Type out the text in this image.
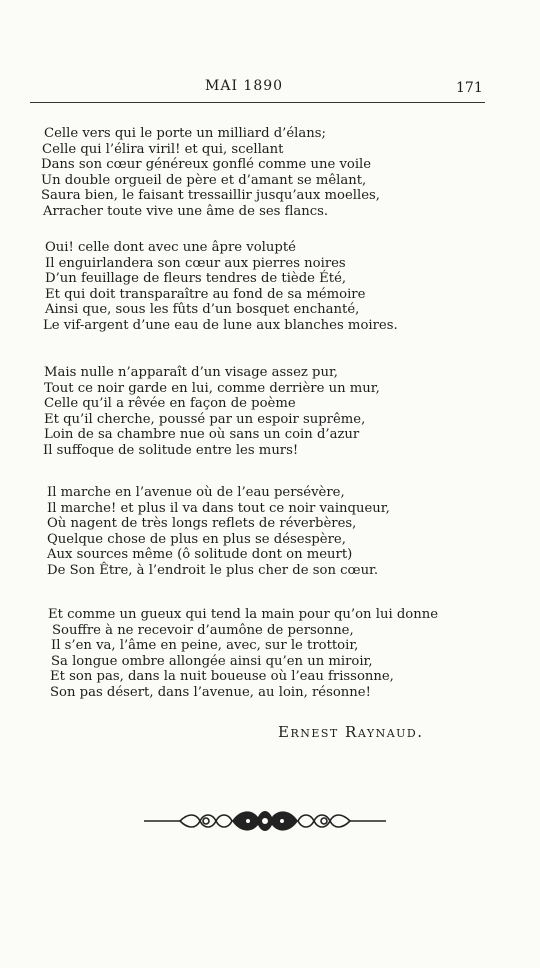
MAI 1890	171
Celle vers qui le porte un milliard d’élans;
Celle qui l’élira viril! et qui, scellant
Dans son cœur généreux gonflé comme une voile
Un double orgueil de père et d’amant se mêlant,
Saura bien, le faisant tressaillir jusqu’aux moelles,
Arracher toute vive une âme de ses flancs.
Oui! celle dont avec une âpre volupté
Il enguirlandera son cœur aux pierres noires
D’un feuillage de fleurs tendres de tiède Été,
Et qui doit transparaître au fond de sa mémoire
Ainsi que, sous les fûts d’un bosquet enchanté,
Le vif-argent d’une eau de lune aux blanches moires.
Mais nulle n’apparaît d’un visage assez pur,
Tout ce noir garde en lui, comme derrière un mur,
Celle qu’il a rêvée en façon de poème
Et qu’il cherche, poussé par un espoir suprême,
Loin de sa chambre nue où sans un coin d’azur
Il suffoque de solitude entre les murs!
Il marche en l’avenue où de l’eau persévère,
Il marche! et plus il va dans tout ce noir vainqueur,
Où nagent de très longs reflets de réverbères,
Quelque chose de plus en plus se désespère,
Aux sources même (ô solitude dont on meurt)
De Son Être, à l’endroit le plus cher de son cœur.
Et comme un gueux qui tend la main pour qu’on lui donne
Souffre à ne recevoir d’aumône de personne,
Il s’en va, l’âme en peine, avec, sur le trottoir,
Sa longue ombre allongée ainsi qu’en un miroir,
Et son pas, dans la nuit boueuse où l’eau frissonne,
Son pas désert, dans l’avenue, au loin, résonne!
Ernest Raynaud.
